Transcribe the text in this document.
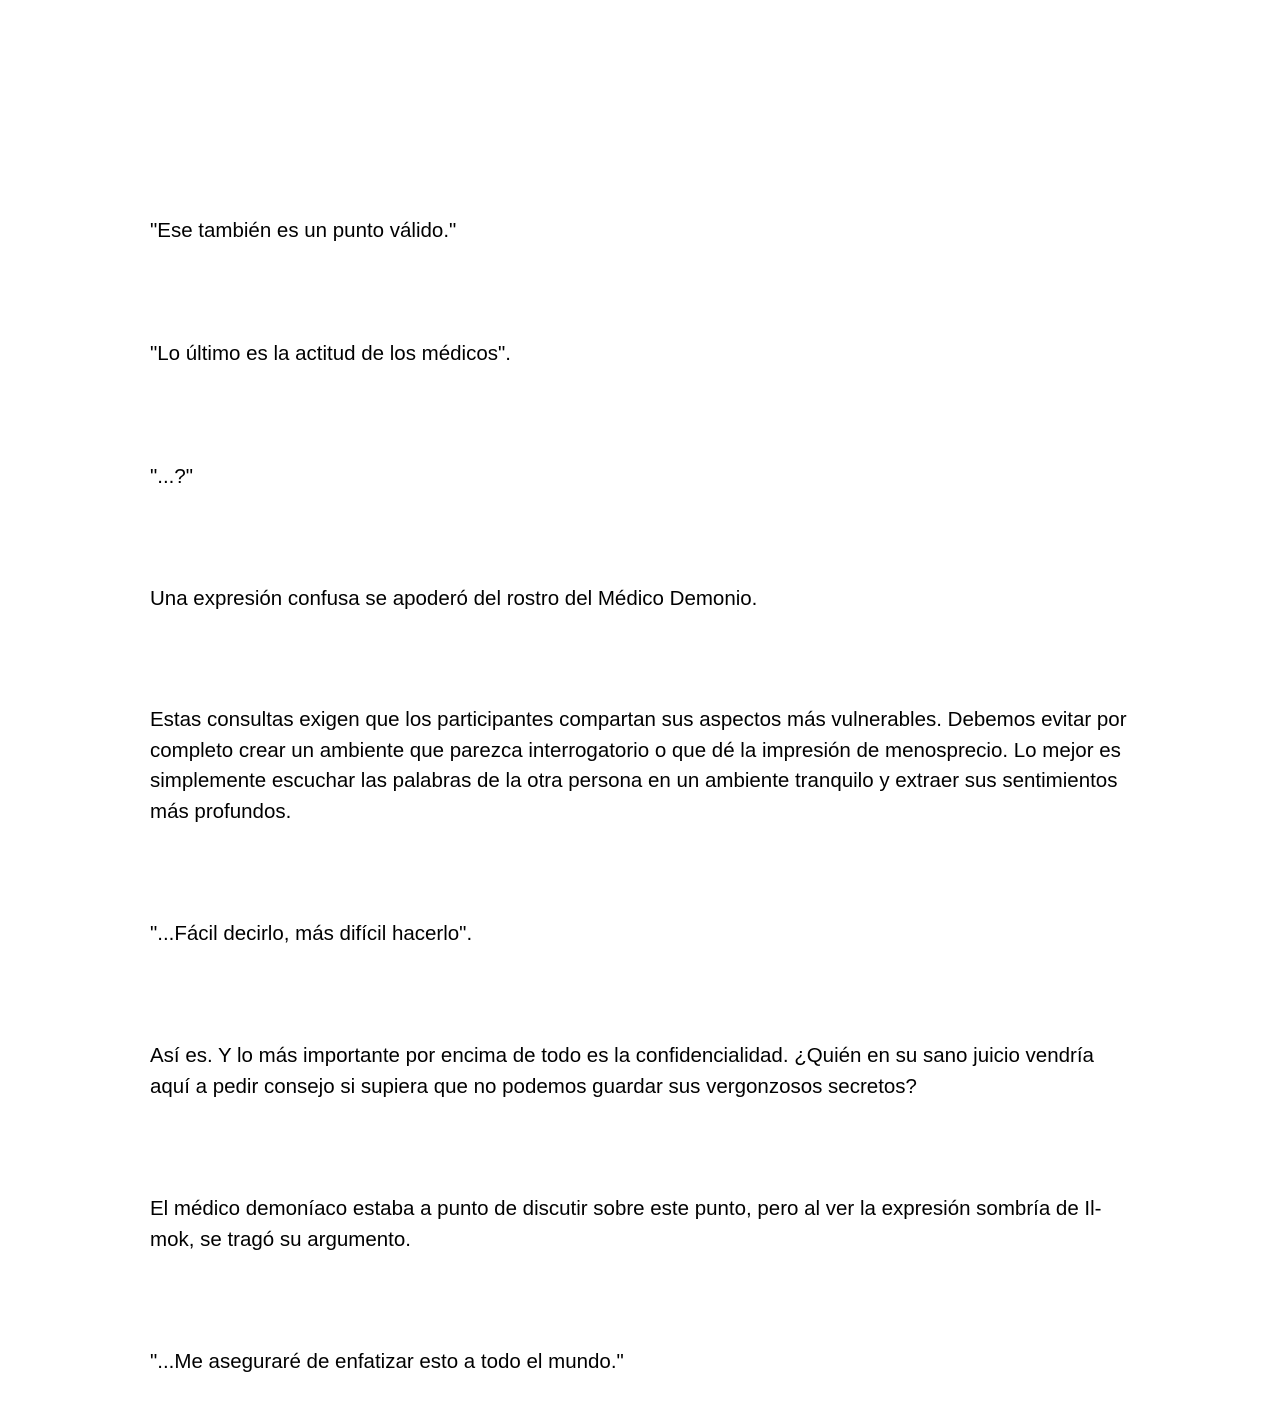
"Ese también es un punto válido."

"Lo último es la actitud de los médicos".

"...?"

Una expresión confusa se apoderó del rostro del Médico Demonio.

Estas consultas exigen que los participantes compartan sus aspectos más vulnerables. Debemos evitar por completo crear un ambiente que parezca interrogatorio o que dé la impresión de menosprecio. Lo mejor es simplemente escuchar las palabras de la otra persona en un ambiente tranquilo y extraer sus sentimientos más profundos.

"...Fácil decirlo, más difícil hacerlo".

Así es. Y lo más importante por encima de todo es la confidencialidad. ¿Quién en su sano juicio vendría aquí a pedir consejo si supiera que no podemos guardar sus vergonzosos secretos?

El médico demoníaco estaba a punto de discutir sobre este punto, pero al ver la expresión sombría de Il-mok, se tragó su argumento.

"...Me aseguraré de enfatizar esto a todo el mundo."
